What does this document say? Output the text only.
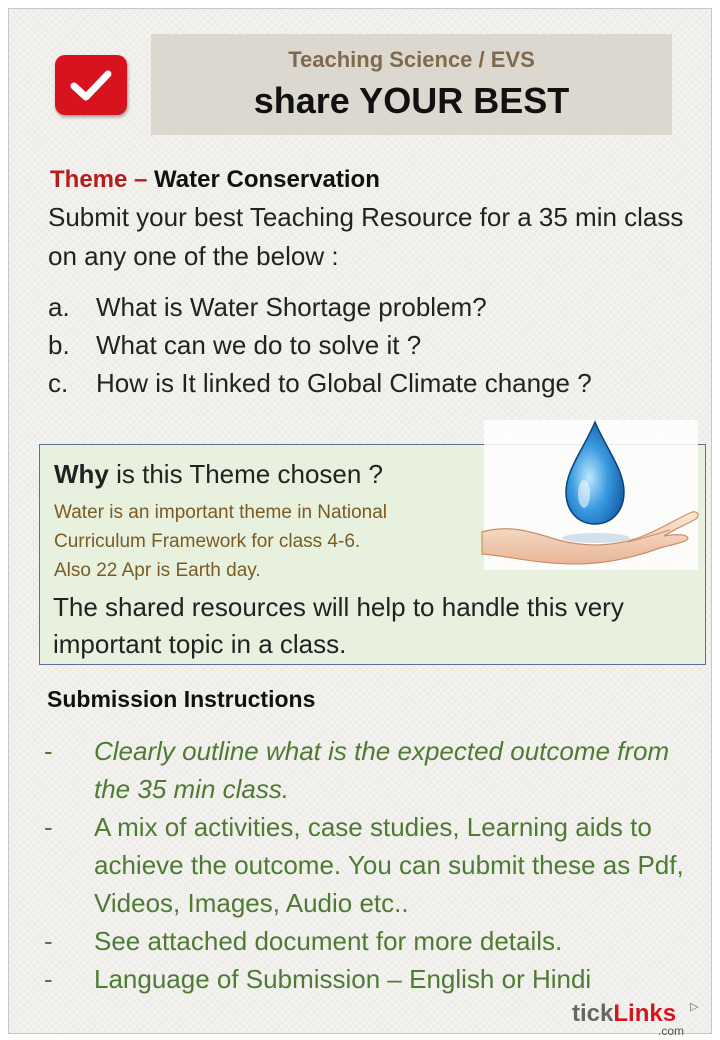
Teaching Science / EVS
share YOUR BEST
Theme – Water Conservation
Submit your best Teaching Resource for a 35 min class on any one of the below :
a. What is Water Shortage problem?
b. What can we do to solve it ?
c. How is It linked to Global Climate change ?
Why is this Theme chosen ?
Water is an important theme in National
Curriculum Framework for class 4-6.
Also 22 Apr is Earth day.
The shared resources will help to handle this very important topic in a class.
Submission Instructions
- Clearly outline what is the expected outcome from the 35 min class.
- A mix of activities, case studies, Learning aids to achieve the outcome. You can submit these as Pdf, Videos, Images, Audio etc..
- See attached document for more details.
- Language of Submission – English or Hindi
tickLinks
.com
▷
